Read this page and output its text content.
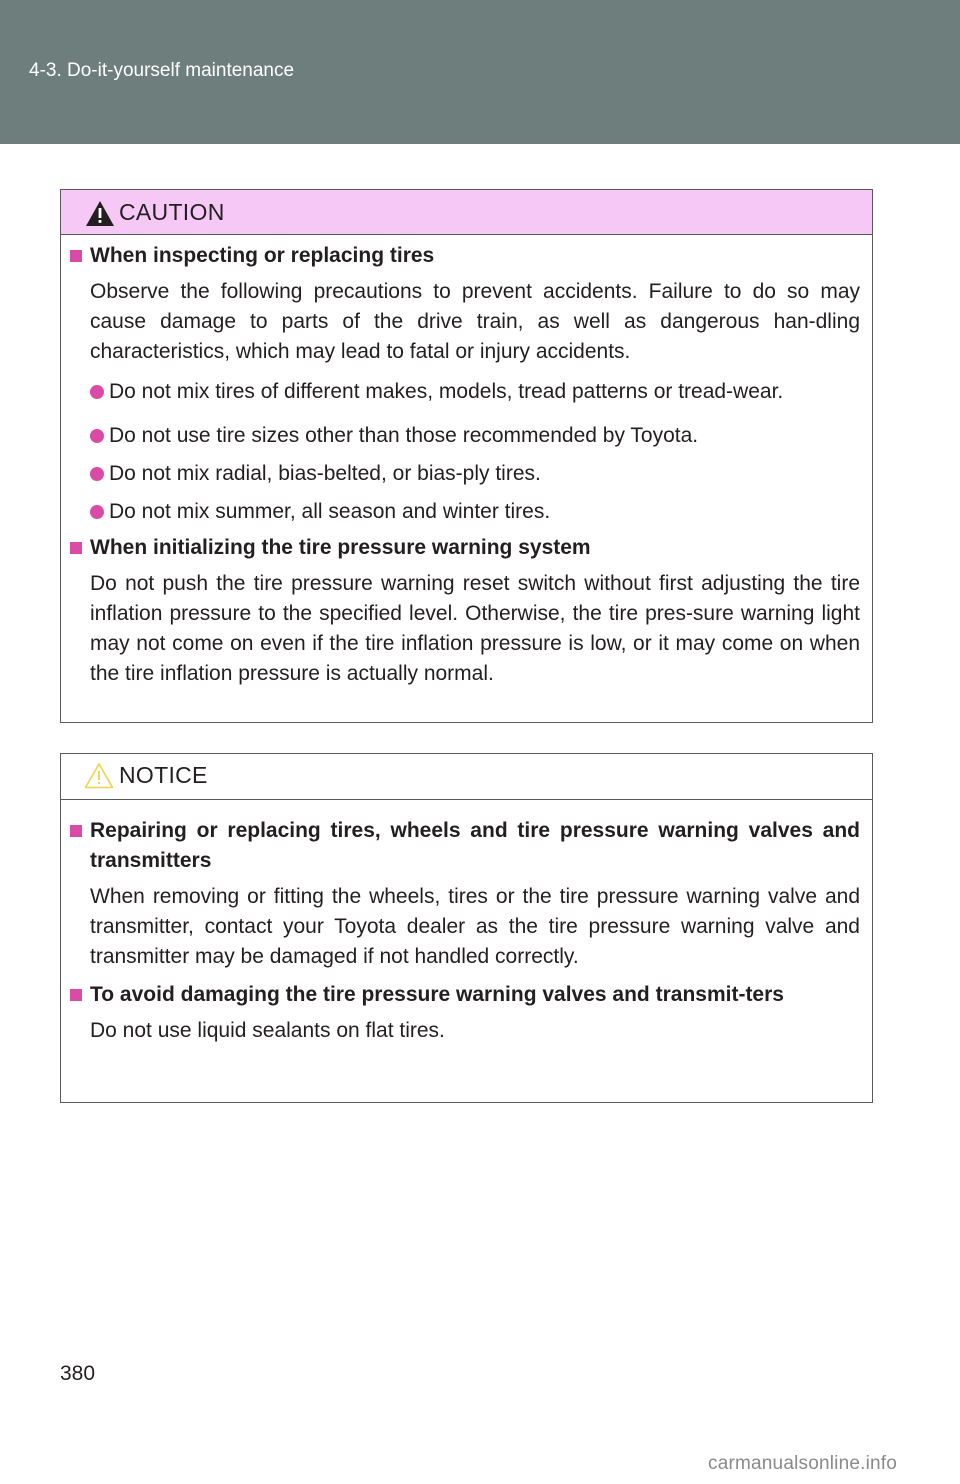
4-3. Do-it-yourself maintenance
CAUTION
When inspecting or replacing tires
Observe the following precautions to prevent accidents. Failure to do so may cause damage to parts of the drive train, as well as dangerous han-dling characteristics, which may lead to fatal or injury accidents.
Do not mix tires of different makes, models, tread patterns or tread-wear.
Do not use tire sizes other than those recommended by Toyota.
Do not mix radial, bias-belted, or bias-ply tires.
Do not mix summer, all season and winter tires.
When initializing the tire pressure warning system
Do not push the tire pressure warning reset switch without first adjusting the tire inflation pressure to the specified level. Otherwise, the tire pres-sure warning light may not come on even if the tire inflation pressure is low, or it may come on when the tire inflation pressure is actually normal.
NOTICE
Repairing or replacing tires, wheels and tire pressure warning valves and transmitters
When removing or fitting the wheels, tires or the tire pressure warning valve and transmitter, contact your Toyota dealer as the tire pressure warning valve and transmitter may be damaged if not handled correctly.
To avoid damaging the tire pressure warning valves and transmit-ters
Do not use liquid sealants on flat tires.
380
carmanualsonline.info
